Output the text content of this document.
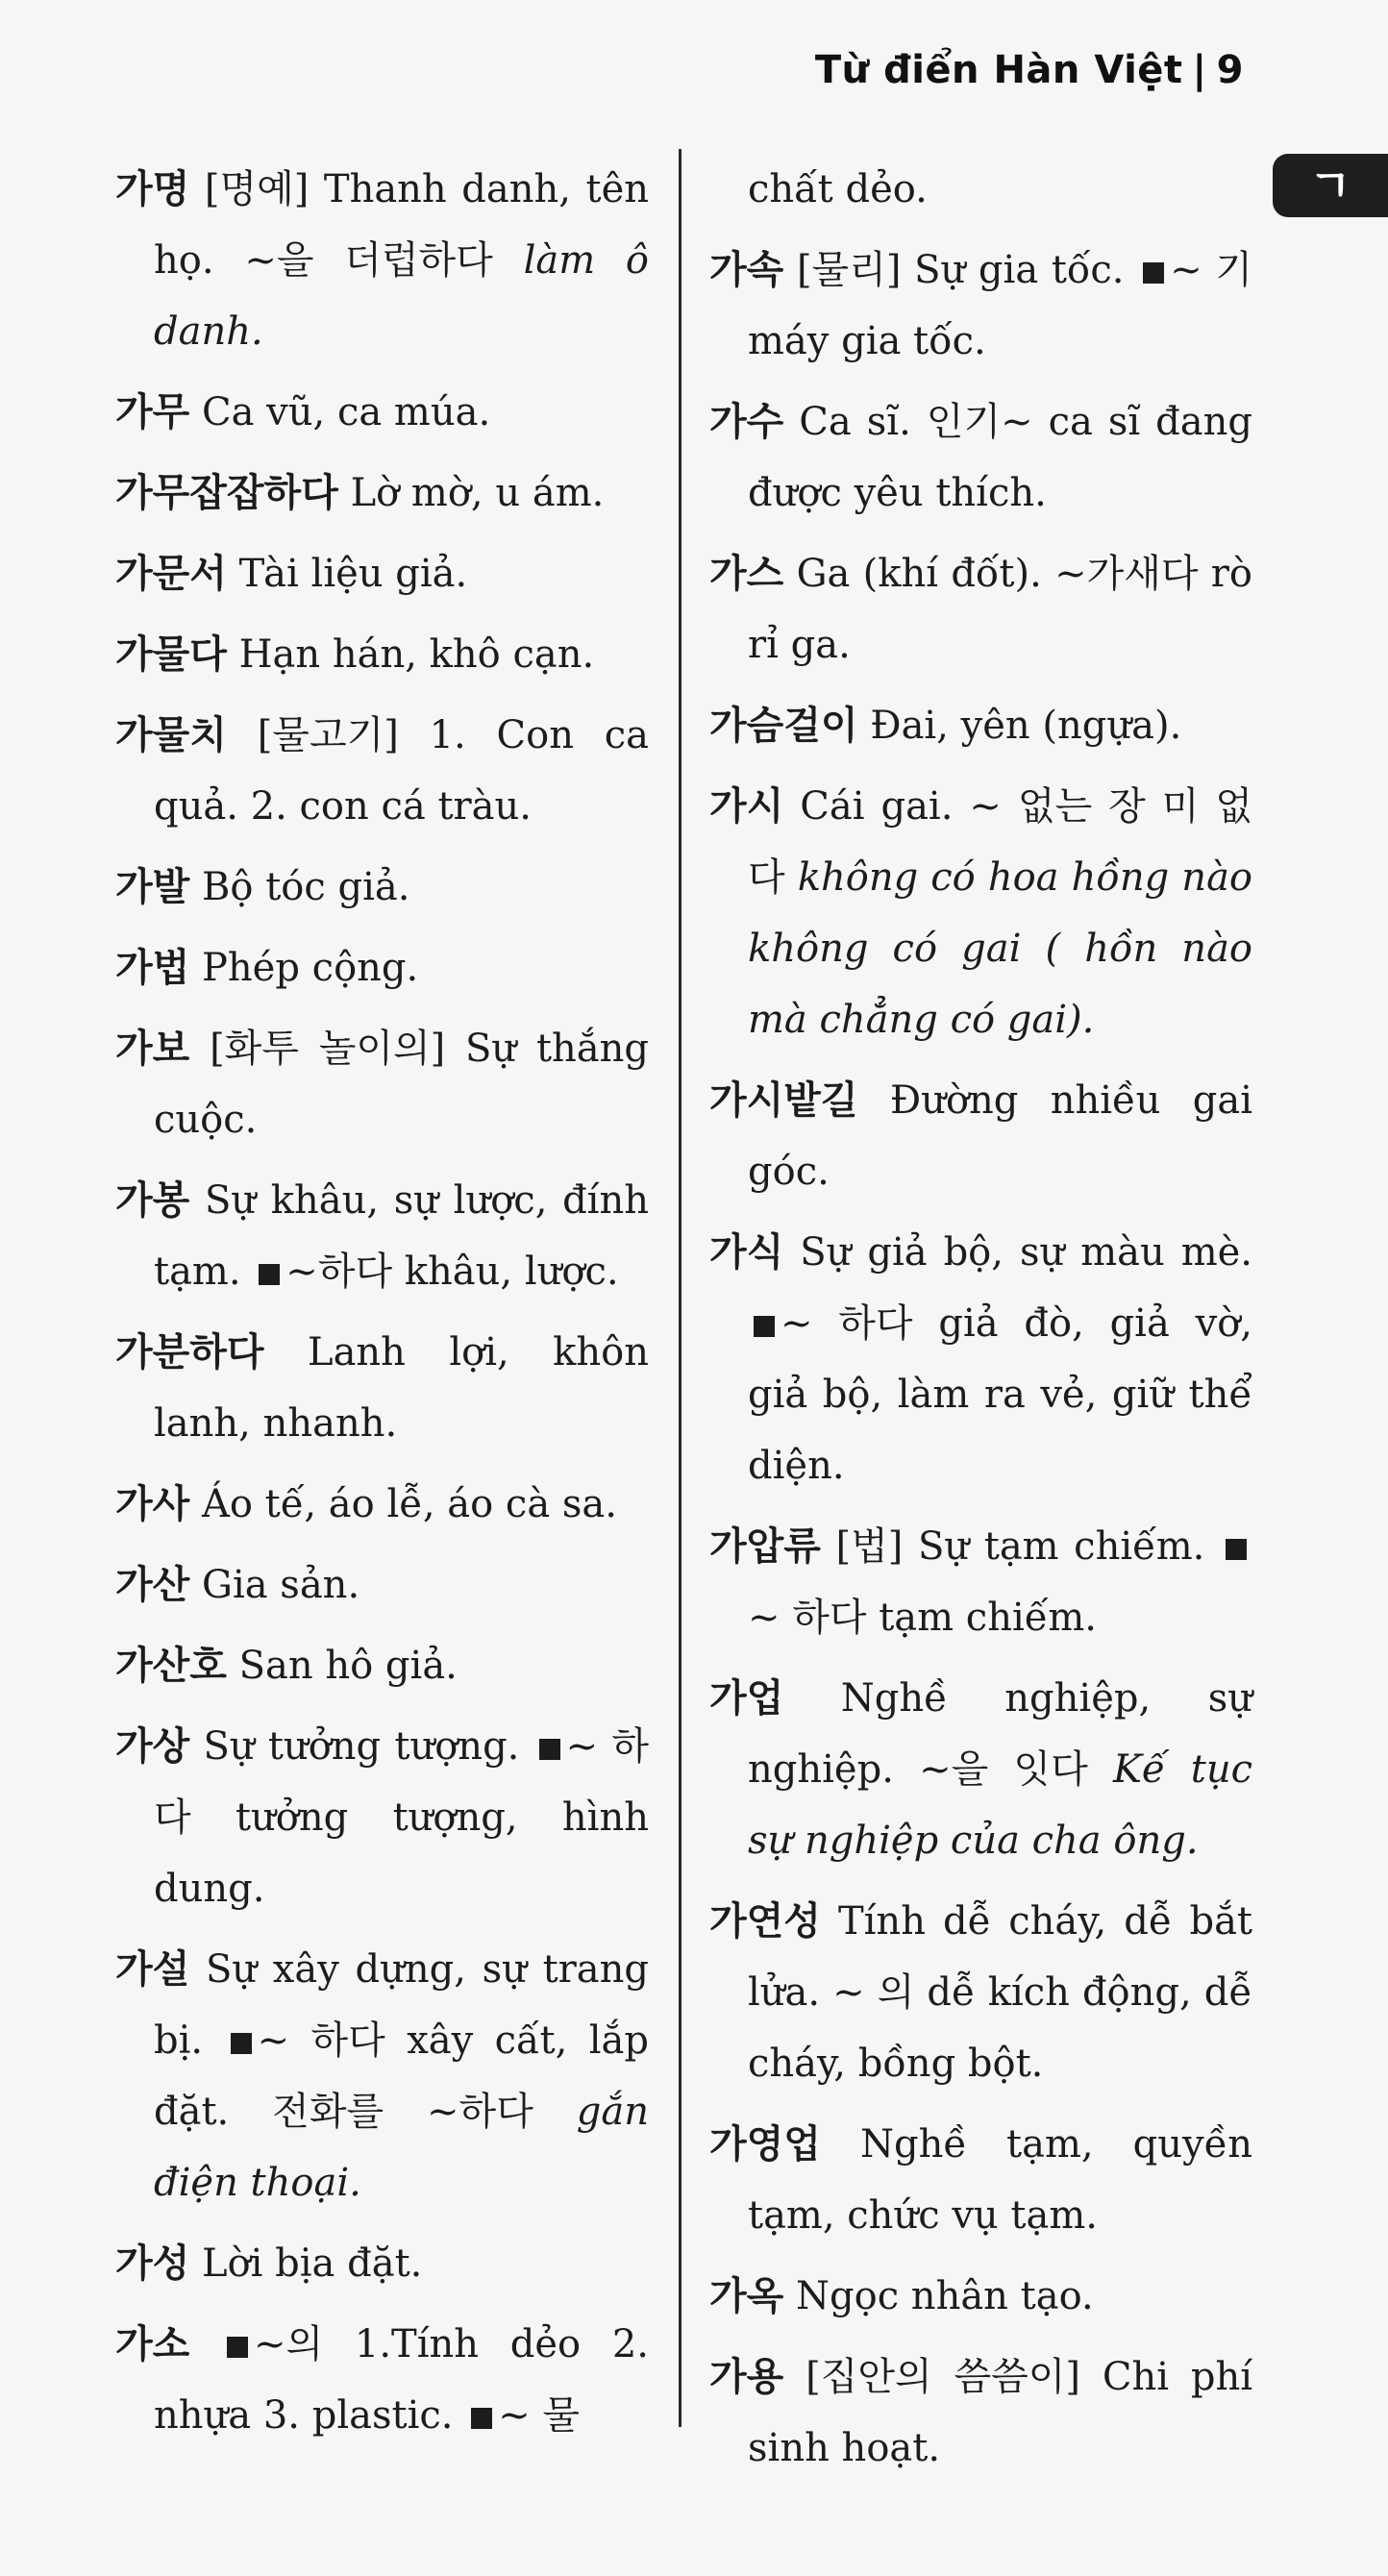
Từ điển Hàn Việt | 9
ㄱ
가명 [명예] Thanh danh, tên họ. ~을 더럽하다 làm ô danh.
가무 Ca vũ, ca múa.
가무잡잡하다 Lờ mờ, u ám.
가문서 Tài liệu giả.
가물다 Hạn hán, khô cạn.
가물치 [물고기] 1. Con ca quả. 2. con cá tràu.
가발 Bộ tóc giả.
가법 Phép cộng.
가보 [화투 놀이의] Sự thắng cuộc.
가봉 Sự khâu, sự lược, đính tạm. ~하다 khâu, lược.
가분하다 Lanh lợi, khôn lanh, nhanh.
가사 Áo tế, áo lễ, áo cà sa.
가산 Gia sản.
가산호 San hô giả.
가상 Sự tưởng tượng. ~ 하다 tưởng tượng, hình dung.
가설 Sự xây dựng, sự trang bị. ~ 하다 xây cất, lắp đặt. 전화를 ~하다 gắn điện thoại.
가성 Lời bịa đặt.
가소 ~의 1.Tính dẻo 2. nhựa 3. plastic. ~ 물
chất dẻo.
가속 [물리] Sự gia tốc. ~ 기 máy gia tốc.
가수 Ca sĩ. 인기~ ca sĩ đang được yêu thích.
가스 Ga (khí đốt). ~가새다 rò rỉ ga.
가슴걸이 Đai, yên (ngựa).
가시 Cái gai. ~ 없는 장 미 없다 không có hoa hồng nào không có gai ( hồn nào mà chẳng có gai).
가시밭길 Đường nhiều gai góc.
가식 Sự giả bộ, sự màu mè. ~ 하다 giả đò, giả vờ, giả bộ, làm ra vẻ, giữ thể diện.
가압류 [법] Sự tạm chiếm. ~ 하다 tạm chiếm.
가업 Nghề nghiệp, sự nghiệp. ~을 잇다 Kế tục sự nghiệp của cha ông.
가연성 Tính dễ cháy, dễ bắt lửa. ~ 의 dễ kích động, dễ cháy, bồng bột.
가영업 Nghề tạm, quyền tạm, chức vụ tạm.
가옥 Ngọc nhân tạo.
가용 [집안의 씀씀이] Chi phí sinh hoạt.
